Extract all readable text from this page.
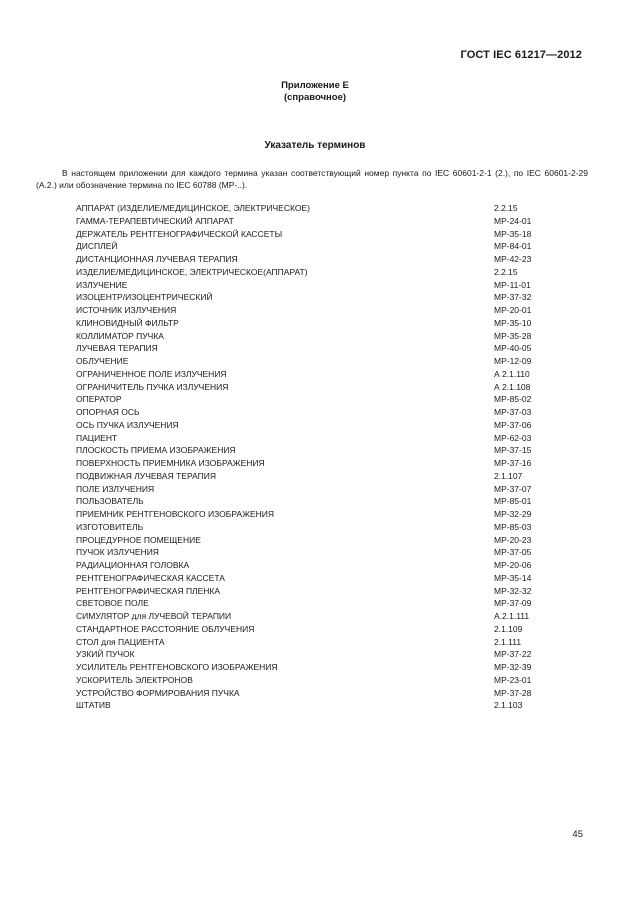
ГОСТ IEC 61217—2012
Приложение Е
(справочное)
Указатель терминов
В настоящем приложении для каждого термина указан соответствующий номер пункта по IEC 60601-2-1 (2.), по IEC 60601-2-29 (А.2.) или обозначение термина по IEC 60788 (МР-..).
АППАРАТ (ИЗДЕЛИЕ/МЕДИЦИНСКОЕ, ЭЛЕКТРИЧЕСКОЕ)	2.2.15
ГАММА-ТЕРАПЕВТИЧЕСКИЙ АППАРАТ	МР-24-01
ДЕРЖАТЕЛЬ РЕНТГЕНОГРАФИЧЕСКОЙ КАССЕТЫ	МР-35-18
ДИСПЛЕЙ	МР-84-01
ДИСТАНЦИОННАЯ ЛУЧЕВАЯ ТЕРАПИЯ	МР-42-23
ИЗДЕЛИЕ/МЕДИЦИНСКОЕ, ЭЛЕКТРИЧЕСКОЕ(АППАРАТ)	2.2.15
ИЗЛУЧЕНИЕ	МР-11-01
ИЗОЦЕНТР/ИЗОЦЕНТРИЧЕСКИЙ	МР-37-32
ИСТОЧНИК ИЗЛУЧЕНИЯ	МР-20-01
КЛИНОВИДНЫЙ ФИЛЬТР	МР-35-10
КОЛЛИМАТОР ПУЧКА	МР-35-28
ЛУЧЕВАЯ ТЕРАПИЯ	МР-40-05
ОБЛУЧЕНИЕ	МР-12-09
ОГРАНИЧЕННОЕ ПОЛЕ ИЗЛУЧЕНИЯ	А 2.1.110
ОГРАНИЧИТЕЛЬ ПУЧКА ИЗЛУЧЕНИЯ	А 2.1.108
ОПЕРАТОР	МР-85-02
ОПОРНАЯ ОСЬ	МР-37-03
ОСЬ ПУЧКА ИЗЛУЧЕНИЯ	МР-37-06
ПАЦИЕНТ	МР-62-03
ПЛОСКОСТЬ ПРИЕМА ИЗОБРАЖЕНИЯ	МР-37-15
ПОВЕРХНОСТЬ ПРИЕМНИКА ИЗОБРАЖЕНИЯ	МР-37-16
ПОДВИЖНАЯ ЛУЧЕВАЯ ТЕРАПИЯ	2.1.107
ПОЛЕ ИЗЛУЧЕНИЯ	МР-37-07
ПОЛЬЗОВАТЕЛЬ	МР-85-01
ПРИЕМНИК РЕНТГЕНОВСКОГО ИЗОБРАЖЕНИЯ	МР-32-29
ИЗГОТОВИТЕЛЬ	МР-85-03
ПРОЦЕДУРНОЕ ПОМЕЩЕНИЕ	МР-20-23
ПУЧОК ИЗЛУЧЕНИЯ	МР-37-05
РАДИАЦИОННАЯ ГОЛОВКА	МР-20-06
РЕНТГЕНОГРАФИЧЕСКАЯ КАССЕТА	МР-35-14
РЕНТГЕНОГРАФИЧЕСКАЯ ПЛЕНКА	МР-32-32
СВЕТОВОЕ ПОЛЕ	МР-37-09
СИМУЛЯТОР для ЛУЧЕВОЙ ТЕРАПИИ	А.2.1.111
СТАНДАРТНОЕ РАССТОЯНИЕ ОБЛУЧЕНИЯ	2.1.109
СТОЛ для ПАЦИЕНТА	2.1.111
УЗКИЙ ПУЧОК	МР-37-22
УСИЛИТЕЛЬ РЕНТГЕНОВСКОГО ИЗОБРАЖЕНИЯ	МР-32-39
УСКОРИТЕЛЬ ЭЛЕКТРОНОВ	МР-23-01
УСТРОЙСТВО ФОРМИРОВАНИЯ ПУЧКА	МР-37-28
ШТАТИВ	2.1.103
45
